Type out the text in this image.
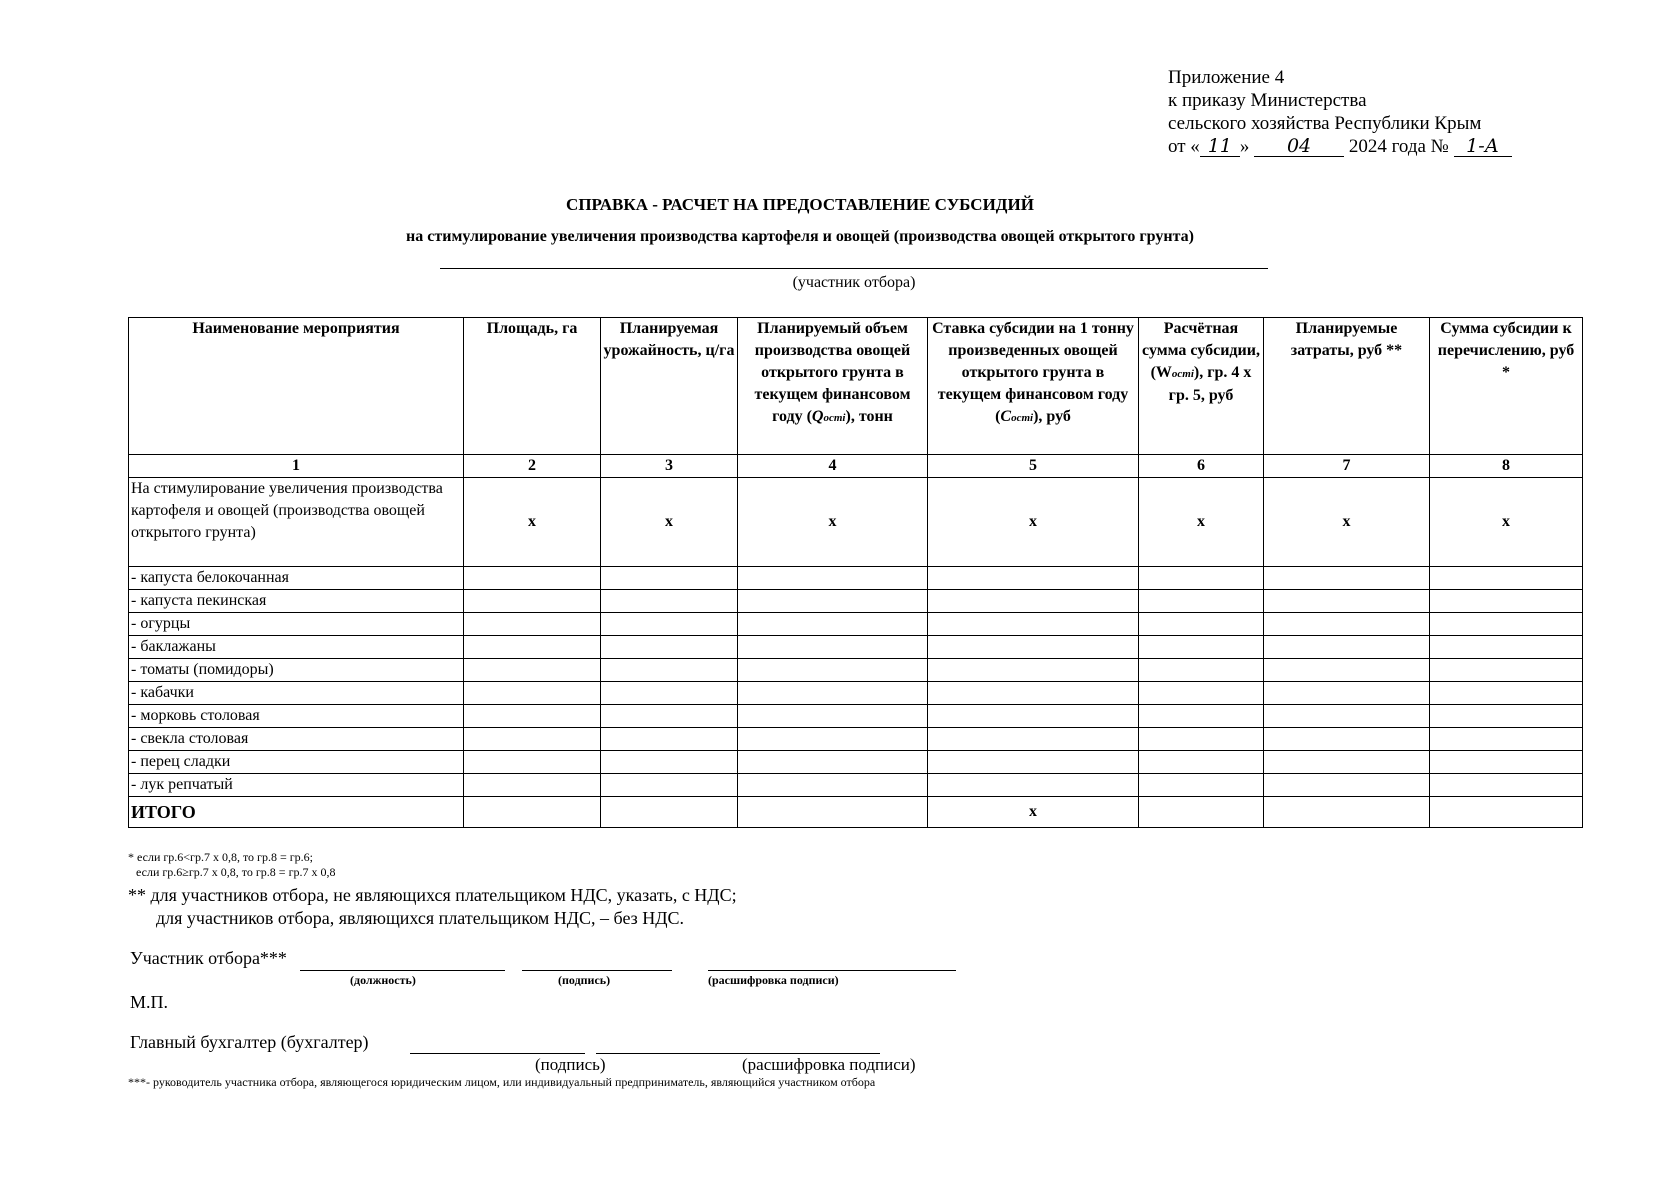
Приложение 4
к приказу Министерства
сельского хозяйства Республики Крым
от « 11 » 04 2024 года № 1-А
СПРАВКА - РАСЧЕТ НА ПРЕДОСТАВЛЕНИЕ СУБСИДИЙ
на стимулирование увеличения производства картофеля и овощей (производства овощей открытого грунта)
(участник отбора)
Наименование мероприятия	Площадь, га	Планируемая урожайность, ц/га	Планируемый объем производства овощей открытого грунта в текущем финансовом году (Qості), тонн	Ставка субсидии на 1 тонну произведенных овощей открытого грунта в текущем финансовом году (Cості), руб	Расчётная сумма субсидии, (Wості), гр. 4 х гр. 5, руб	Планируемые затраты, руб **	Сумма субсидии к перечислению, руб *
1	2	3	4	5	6	7	8
На стимулирование увеличения производства картофеля и овощей (производства овощей открытого грунта)	х	х	х	х	х	х	х
- капуста белокочанная							
- капуста пекинская							
- огурцы							
- баклажаны							
- томаты (помидоры)							
- кабачки							
- морковь столовая							
- свекла столовая							
- перец сладки							
- лук репчатый							
ИТОГО				х			
* если гр.6<гр.7 х 0,8, то гр.8 = гр.6;
если гр.6≥гр.7 х 0,8, то гр.8 = гр.7 х 0,8
** для участников отбора, не являющихся плательщиком НДС, указать, с НДС;
для участников отбора, являющихся плательщиком НДС, – без НДС.
Участник отбора***
(должность)	(подпись)	(расшифровка подписи)
М.П.
Главный бухгалтер (бухгалтер)
(подпись)	(расшифровка подписи)
***- руководитель участника отбора, являющегося юридическим лицом, или индивидуальный предприниматель, являющийся участником отбора
